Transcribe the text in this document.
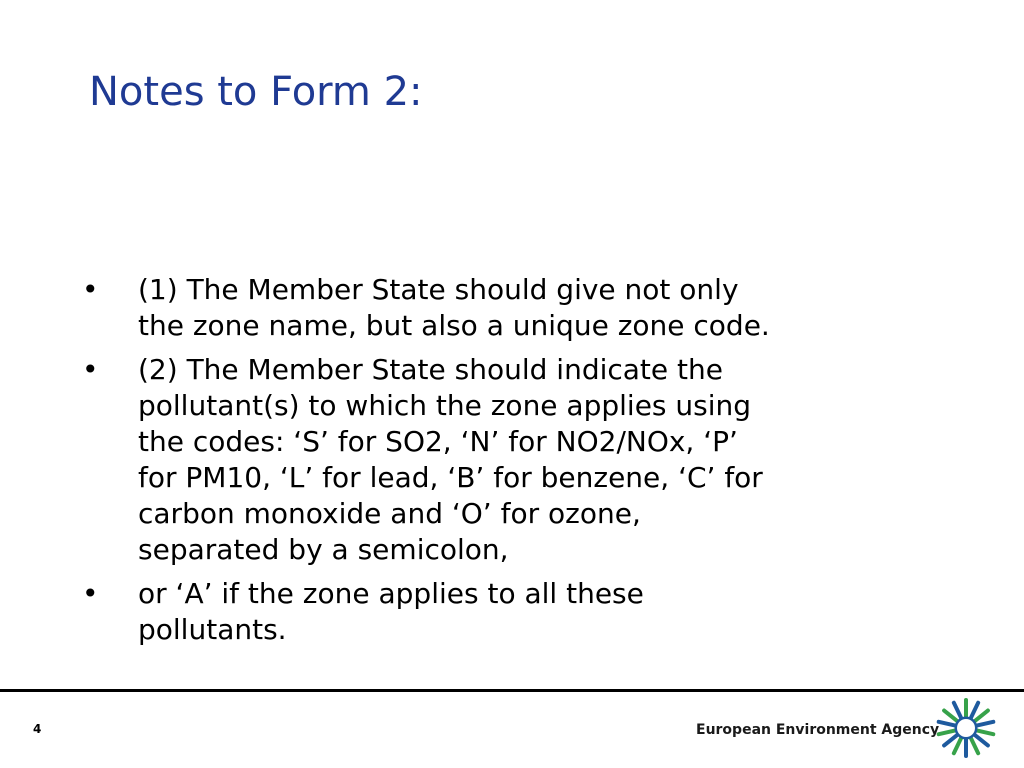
Notes to Form 2:
•	(1) The Member State should give not only
the zone name, but also a unique zone code.
•	(2) The Member State should indicate the
pollutant(s) to which the zone applies using
the codes: ‘S’ for SO2, ‘N’ for NO2/NOx, ‘P’
for PM10, ‘L’ for lead, ‘B’ for benzene, ‘C’ for
carbon monoxide and ‘O’ for ozone,
separated by a semicolon,
•	or ‘A’ if the zone applies to all these
pollutants.
4	European Environment Agency
